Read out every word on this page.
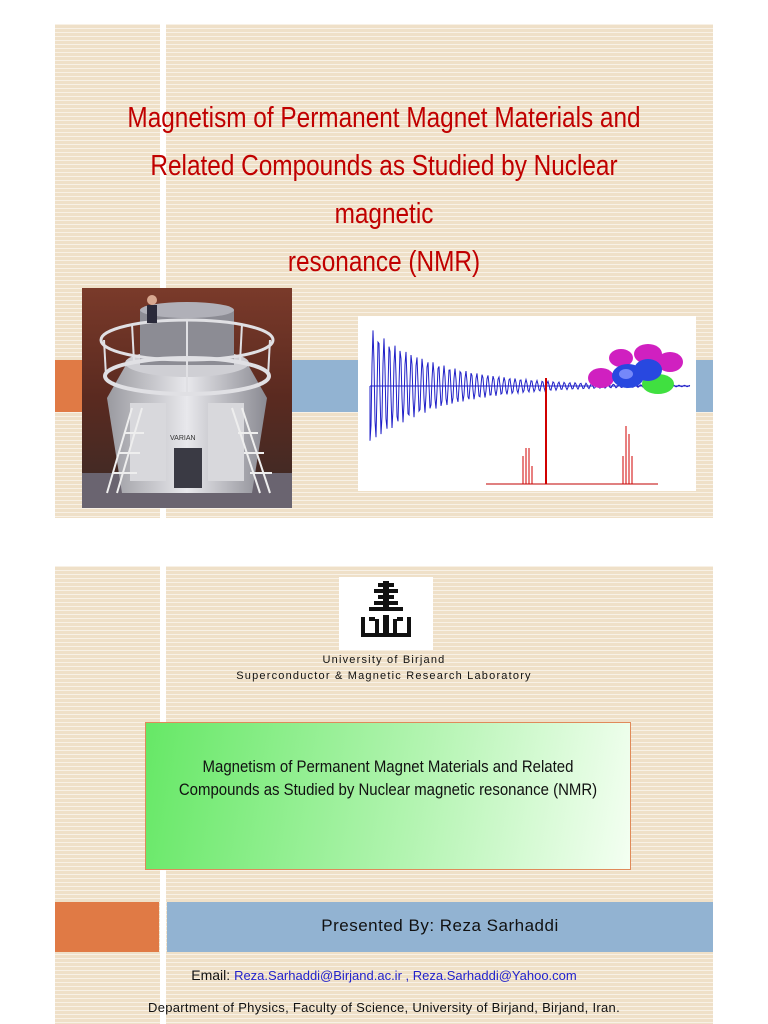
Magnetism of Permanent Magnet Materials and
Related Compounds as Studied by Nuclear magnetic
resonance (NMR)
VARIAN
University of Birjand
Superconductor & Magnetic Research Laboratory

Magnetism of Permanent Magnet Materials and Related
Compounds as Studied by Nuclear magnetic resonance (NMR)

Presented By: Reza Sarhaddi
Email: Reza.Sarhaddi@Birjand.ac.ir , Reza.Sarhaddi@Yahoo.com
Department of Physics, Faculty of Science, University of Birjand, Birjand, Iran.
